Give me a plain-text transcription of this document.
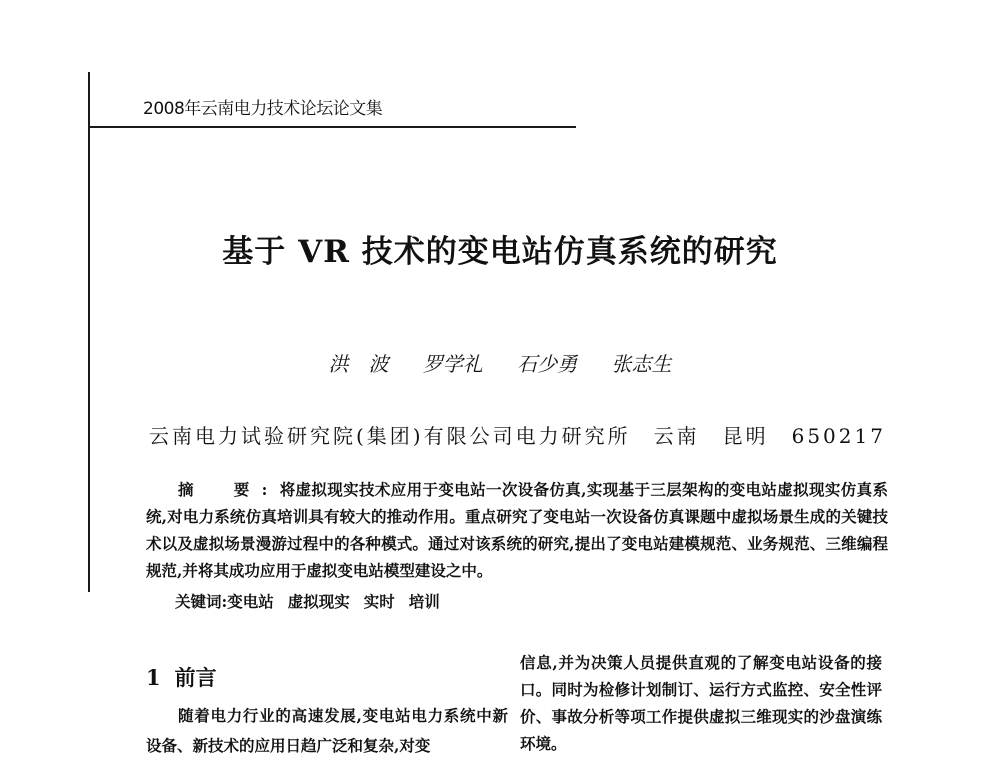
2008年云南电力技术论坛论文集
基于 VR 技术的变电站仿真系统的研究
洪　波 罗学礼 石少勇 张志生
云南电力试验研究院(集团)有限公司电力研究所　云南　昆明　650217
摘　要:将虚拟现实技术应用于变电站一次设备仿真,实现基于三层架构的变电站虚拟现实仿真系统,对电力系统仿真培训具有较大的推动作用。重点研究了变电站一次设备仿真课题中虚拟场景生成的关键技术以及虚拟场景漫游过程中的各种模式。通过对该系统的研究,提出了变电站建模规范、业务规范、三维编程规范,并将其成功应用于虚拟变电站模型建设之中。
关键词:变电站 虚拟现实 实时 培训
1 前言
随着电力行业的高速发展,变电站电力系统中新设备、新技术的应用日趋广泛和复杂,对变
信息,并为决策人员提供直观的了解变电站设备的接口。同时为检修计划制订、运行方式监控、安全性评价、事故分析等项工作提供虚拟三维现实的沙盘演练环境。
